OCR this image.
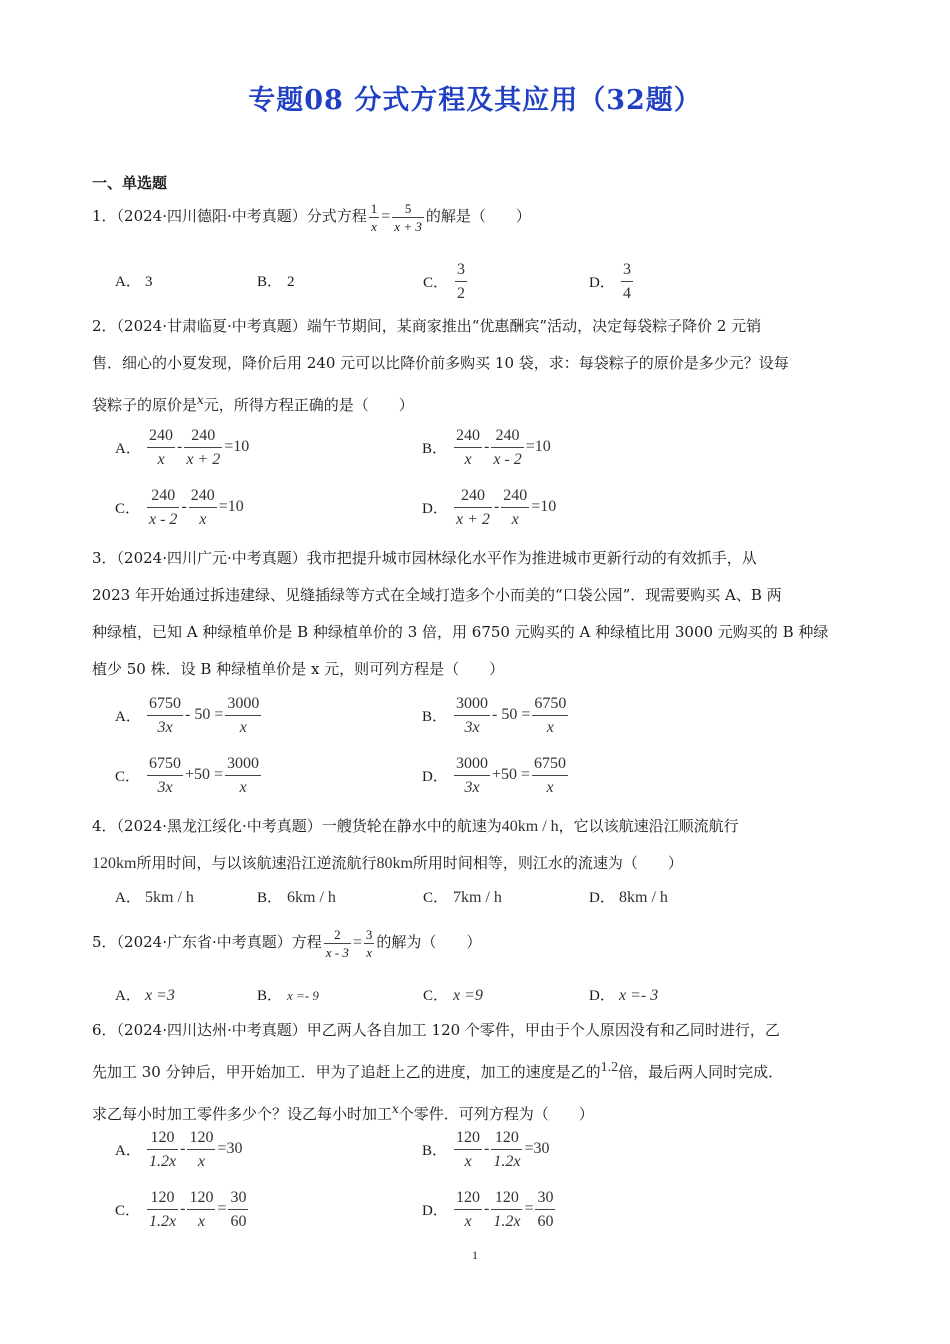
专题08 分式方程及其应用（32题）
一、单选题
1．（2024·四川德阳·中考真题）分式方程 $\frac{1}{x} = \frac{5}{x + 3}$ 的解是（　　）
A． 3	B． 2	C． $\frac{3}{2}$	D． $\frac{3}{4}$
2．（2024·甘肃临夏·中考真题）端午节期间，某商家推出“优惠酬宾”活动，决定每袋粽子降价 2 元销
售．细心的小夏发现，降价后用 240 元可以比降价前多购买 10 袋，求：每袋粽子的原价是多少元？设每
袋粽子的原价是$^x$元，所得方程正确的是（　　）
A． $\frac{240}{x} - \frac{240}{x + 2} =10$	B． $\frac{240}{x} - \frac{240}{x - 2} =10$
C． $\frac{240}{x - 2} - \frac{240}{x} =10$	D． $\frac{240}{x + 2} - \frac{240}{x} =10$
3．（2024·四川广元·中考真题）我市把提升城市园林绿化水平作为推进城市更新行动的有效抓手，从
2023 年开始通过拆违建绿、见缝插绿等方式在全域打造多个小而美的“口袋公园”．现需要购买 A、B 两
种绿植，已知 A 种绿植单价是 B 种绿植单价的 3 倍，用 6750 元购买的 A 种绿植比用 3000 元购买的 B 种绿
植少 50 株．设 B 种绿植单价是 x 元，则可列方程是（　　）
A． $\frac{6750}{3x} - 50 = \frac{3000}{x}$	B． $\frac{3000}{3x} - 50 = \frac{6750}{x}$
C． $\frac{6750}{3x} +50 = \frac{3000}{x}$	D． $\frac{3000}{3x} +50 = \frac{6750}{x}$
4．（2024·黑龙江绥化·中考真题）一艘货轮在静水中的航速为40km / h，它以该航速沿江顺流航行
120km所用时间，与以该航速沿江逆流航行80km所用时间相等，则江水的流速为（　　）
A． 5km / h	B． 6km / h	C． 7km / h	D． 8km / h
5．（2024·广东省·中考真题）方程 $\frac{2}{x - 3} = \frac{3}{x}$ 的解为（　　）
A． x =3	B． x =- 9	C． x =9	D． x =- 3
6．（2024·四川达州·中考真题）甲乙两人各自加工 120 个零件，甲由于个人原因没有和乙同时进行，乙
先加工 30 分钟后，甲开始加工．甲为了追赶上乙的进度，加工的速度是乙的$^{1.2}$倍，最后两人同时完成．
求乙每小时加工零件多少个？设乙每小时加工$^x$个零件．可列方程为（　　）
A． $\frac{120}{1.2x} - \frac{120}{x} =30$	B． $\frac{120}{x} - \frac{120}{1.2x} =30$
C． $\frac{120}{1.2x} - \frac{120}{x} = \frac{30}{60}$	D． $\frac{120}{x} - \frac{120}{1.2x} = \frac{30}{60}$
1
